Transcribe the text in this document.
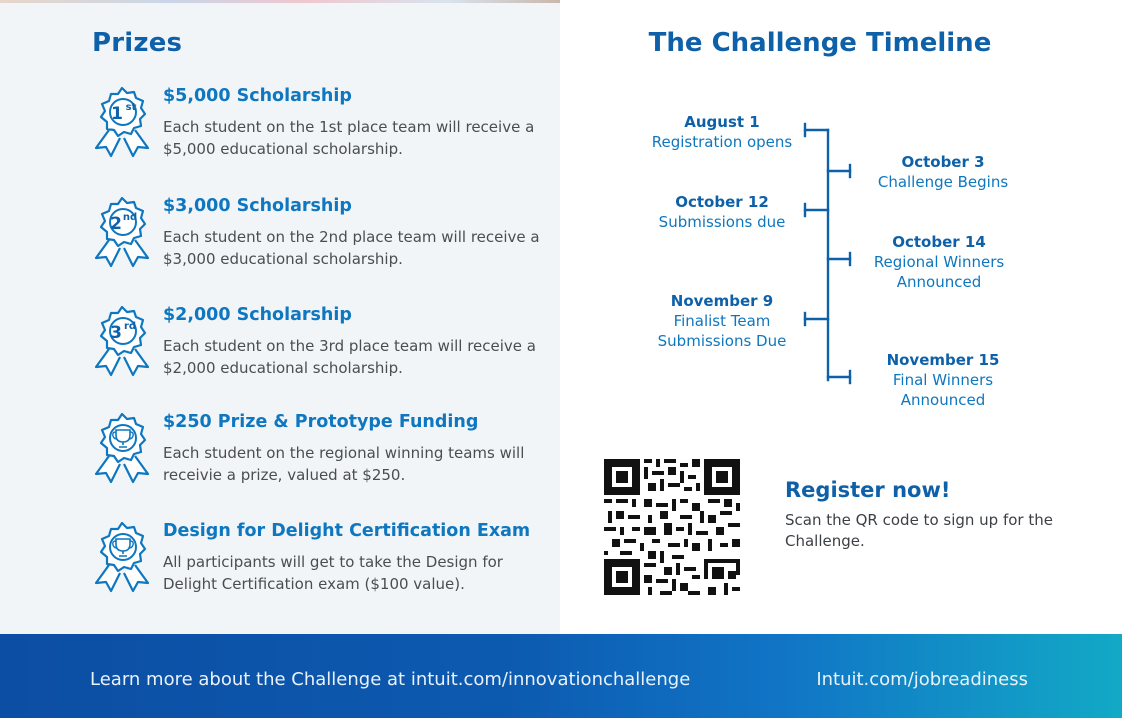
Prizes
1 st
$5,000 Scholarship
Each student on the 1st place team will receive a $5,000 educational scholarship.
2 nd
$3,000 Scholarship
Each student on the 2nd place team will receive a $3,000 educational scholarship.
3 rd
$2,000 Scholarship
Each student on the 3rd place team will receive a $2,000 educational scholarship.
$250 Prize & Prototype Funding
Each student on the regional winning teams will receivie a prize, valued at $250.
Design for Delight Certification Exam
All participants will get to take the Design for Delight Certification exam ($100 value).
The Challenge Timeline
August 1
Registration opens
October 3
Challenge Begins
October 12
Submissions due
October 14
Regional Winners
Announced
November 9
Finalist Team
Submissions Due
November 15
Final Winners
Announced
Register now!

Scan the QR code to sign up for the Challenge.

Learn more about the Challenge at intuit.com/innovationchallenge	Intuit.com/jobreadiness
